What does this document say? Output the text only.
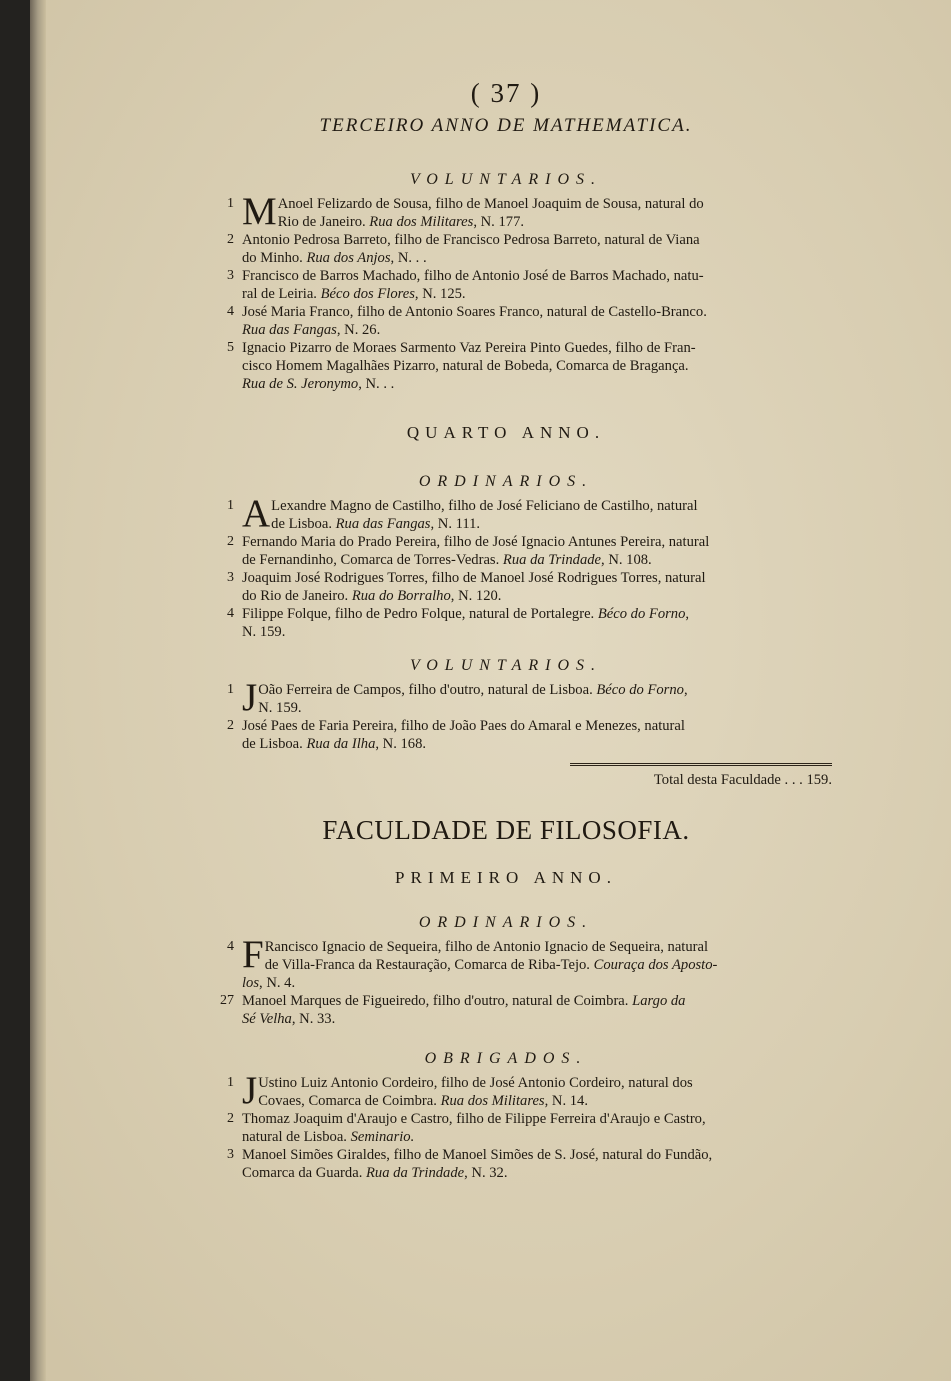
( 37 )
TERCEIRO ANNO DE MATHEMATICA.
VOLUNTARIOS.
1 M Anoel Felizardo de Sousa, filho de Manoel Joaquim de Sousa, natural do
Rio de Janeiro. Rua dos Militares, N. 177.
2 Antonio Pedrosa Barreto, filho de Francisco Pedrosa Barreto, natural de Viana
do Minho. Rua dos Anjos, N. . .
3 Francisco de Barros Machado, filho de Antonio José de Barros Machado, natu-
ral de Leiria. Béco dos Flores, N. 125.
4 José Maria Franco, filho de Antonio Soares Franco, natural de Castello-Branco.
Rua das Fangas, N. 26.
5 Ignacio Pizarro de Moraes Sarmento Vaz Pereira Pinto Guedes, filho de Fran-
cisco Homem Magalhães Pizarro, natural de Bobeda, Comarca de Bragança.
Rua de S. Jeronymo, N. . .
QUARTO ANNO.
ORDINARIOS.
1 A Lexandre Magno de Castilho, filho de José Feliciano de Castilho, natural
de Lisboa. Rua das Fangas, N. 111.
2 Fernando Maria do Prado Pereira, filho de José Ignacio Antunes Pereira, natural
de Fernandinho, Comarca de Torres-Vedras. Rua da Trindade, N. 108.
3 Joaquim José Rodrigues Torres, filho de Manoel José Rodrigues Torres, natural
do Rio de Janeiro. Rua do Borralho, N. 120.
4 Filippe Folque, filho de Pedro Folque, natural de Portalegre. Béco do Forno,
N. 159.
VOLUNTARIOS.
1 J Oão Ferreira de Campos, filho d'outro, natural de Lisboa. Béco do Forno,
N. 159.
2 José Paes de Faria Pereira, filho de João Paes do Amaral e Menezes, natural
de Lisboa. Rua da Ilha, N. 168.
Total desta Faculdade . . . 159.
FACULDADE DE FILOSOFIA.
PRIMEIRO ANNO.
ORDINARIOS.
4 F Rancisco Ignacio de Sequeira, filho de Antonio Ignacio de Sequeira, natural
de Villa-Franca da Restauração, Comarca de Riba-Tejo. Couraça dos Aposto-
los, N. 4.
27 Manoel Marques de Figueiredo, filho d'outro, natural de Coimbra. Largo da
Sé Velha, N. 33.
OBRIGADOS.
1 J Ustino Luiz Antonio Cordeiro, filho de José Antonio Cordeiro, natural dos
Covaes, Comarca de Coimbra. Rua dos Militares, N. 14.
2 Thomaz Joaquim d'Araujo e Castro, filho de Filippe Ferreira d'Araujo e Castro,
natural de Lisboa. Seminario.
3 Manoel Simões Giraldes, filho de Manoel Simões de S. José, natural do Fundão,
Comarca da Guarda. Rua da Trindade, N. 32.
